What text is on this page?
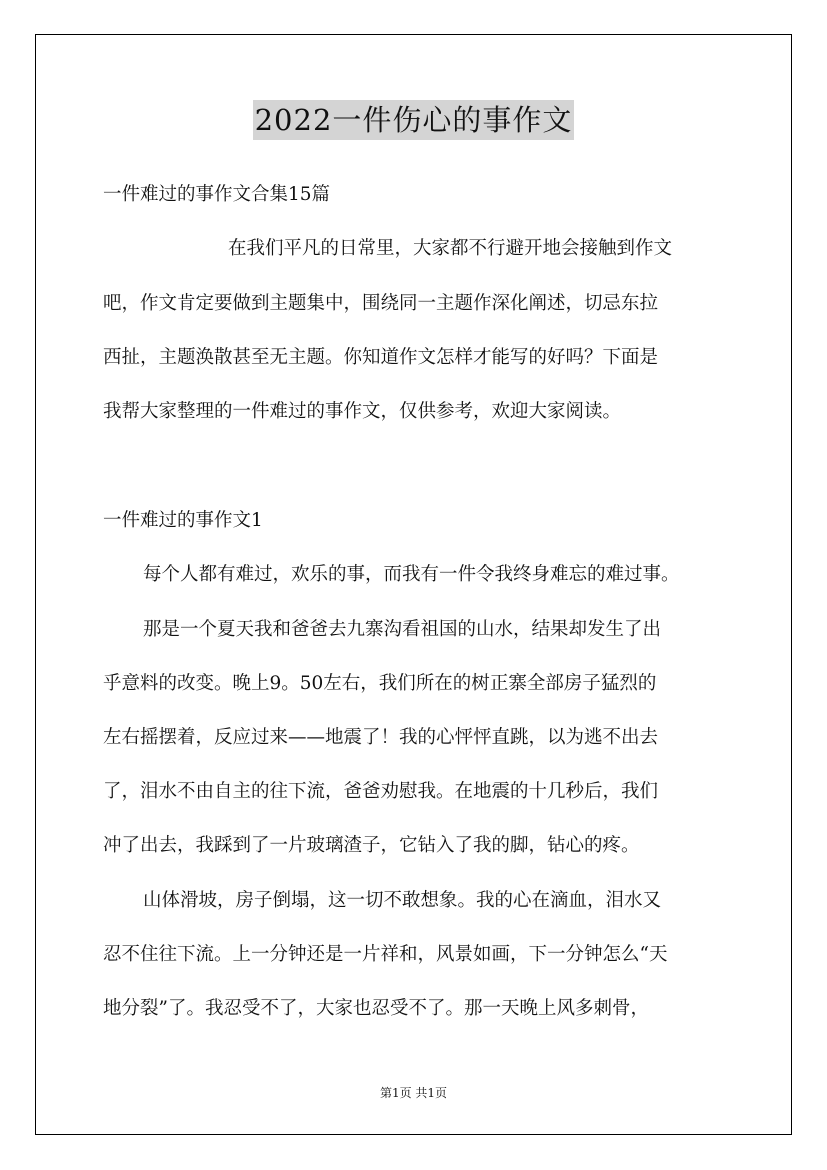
2022一件伤心的事作文
一件难过的事作文合集15篇
在我们平凡的日常里，大家都不行避开地会接触到作文
吧，作文肯定要做到主题集中，围绕同一主题作深化阐述，切忌东拉
西扯，主题涣散甚至无主题。你知道作文怎样才能写的好吗？下面是
我帮大家整理的一件难过的事作文，仅供参考，欢迎大家阅读。
一件难过的事作文1
每个人都有难过，欢乐的事，而我有一件令我终身难忘的难过事。
那是一个夏天我和爸爸去九寨沟看祖国的山水，结果却发生了出
乎意料的改变。晚上9。50左右，我们所在的树正寨全部房子猛烈的
左右摇摆着，反应过来——地震了！我的心怦怦直跳，以为逃不出去
了，泪水不由自主的往下流，爸爸劝慰我。在地震的十几秒后，我们
冲了出去，我踩到了一片玻璃渣子，它钻入了我的脚，钻心的疼。
山体滑坡，房子倒塌，这一切不敢想象。我的心在滴血，泪水又
忍不住往下流。上一分钟还是一片祥和，风景如画，下一分钟怎么“天
地分裂”了。我忍受不了，大家也忍受不了。那一天晚上风多刺骨，
第1页 共1页
